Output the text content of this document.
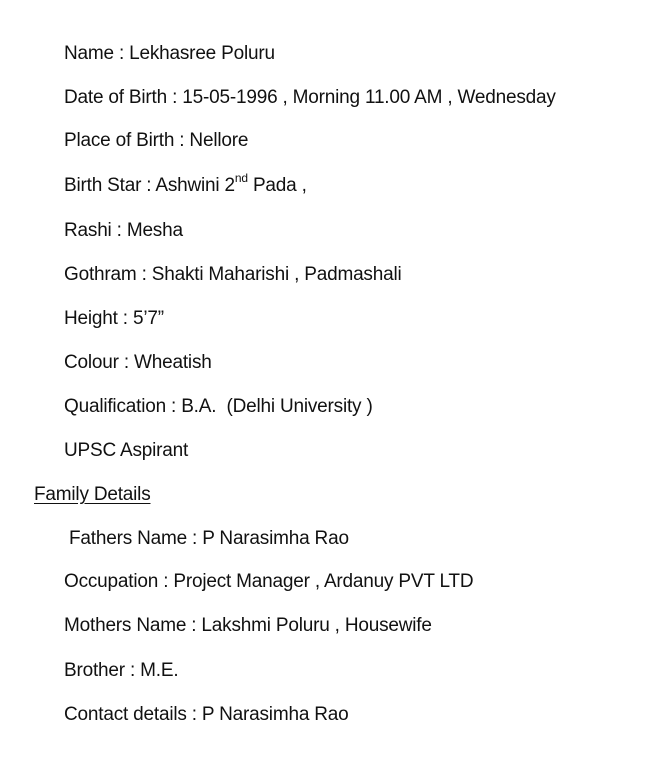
Name : Lekhasree Poluru
Date of Birth : 15-05-1996 , Morning 11.00 AM , Wednesday
Place of Birth : Nellore
Birth Star : Ashwini 2nd Pada ,
Rashi : Mesha
Gothram : Shakti Maharishi , Padmashali
Height : 5’7”
Colour : Wheatish
Qualification : B.A.  (Delhi University )
UPSC Aspirant
Family Details
Fathers Name : P Narasimha Rao
Occupation : Project Manager , Ardanuy PVT LTD
Mothers Name : Lakshmi Poluru , Housewife
Brother : M.E.
Contact details : P Narasimha Rao
